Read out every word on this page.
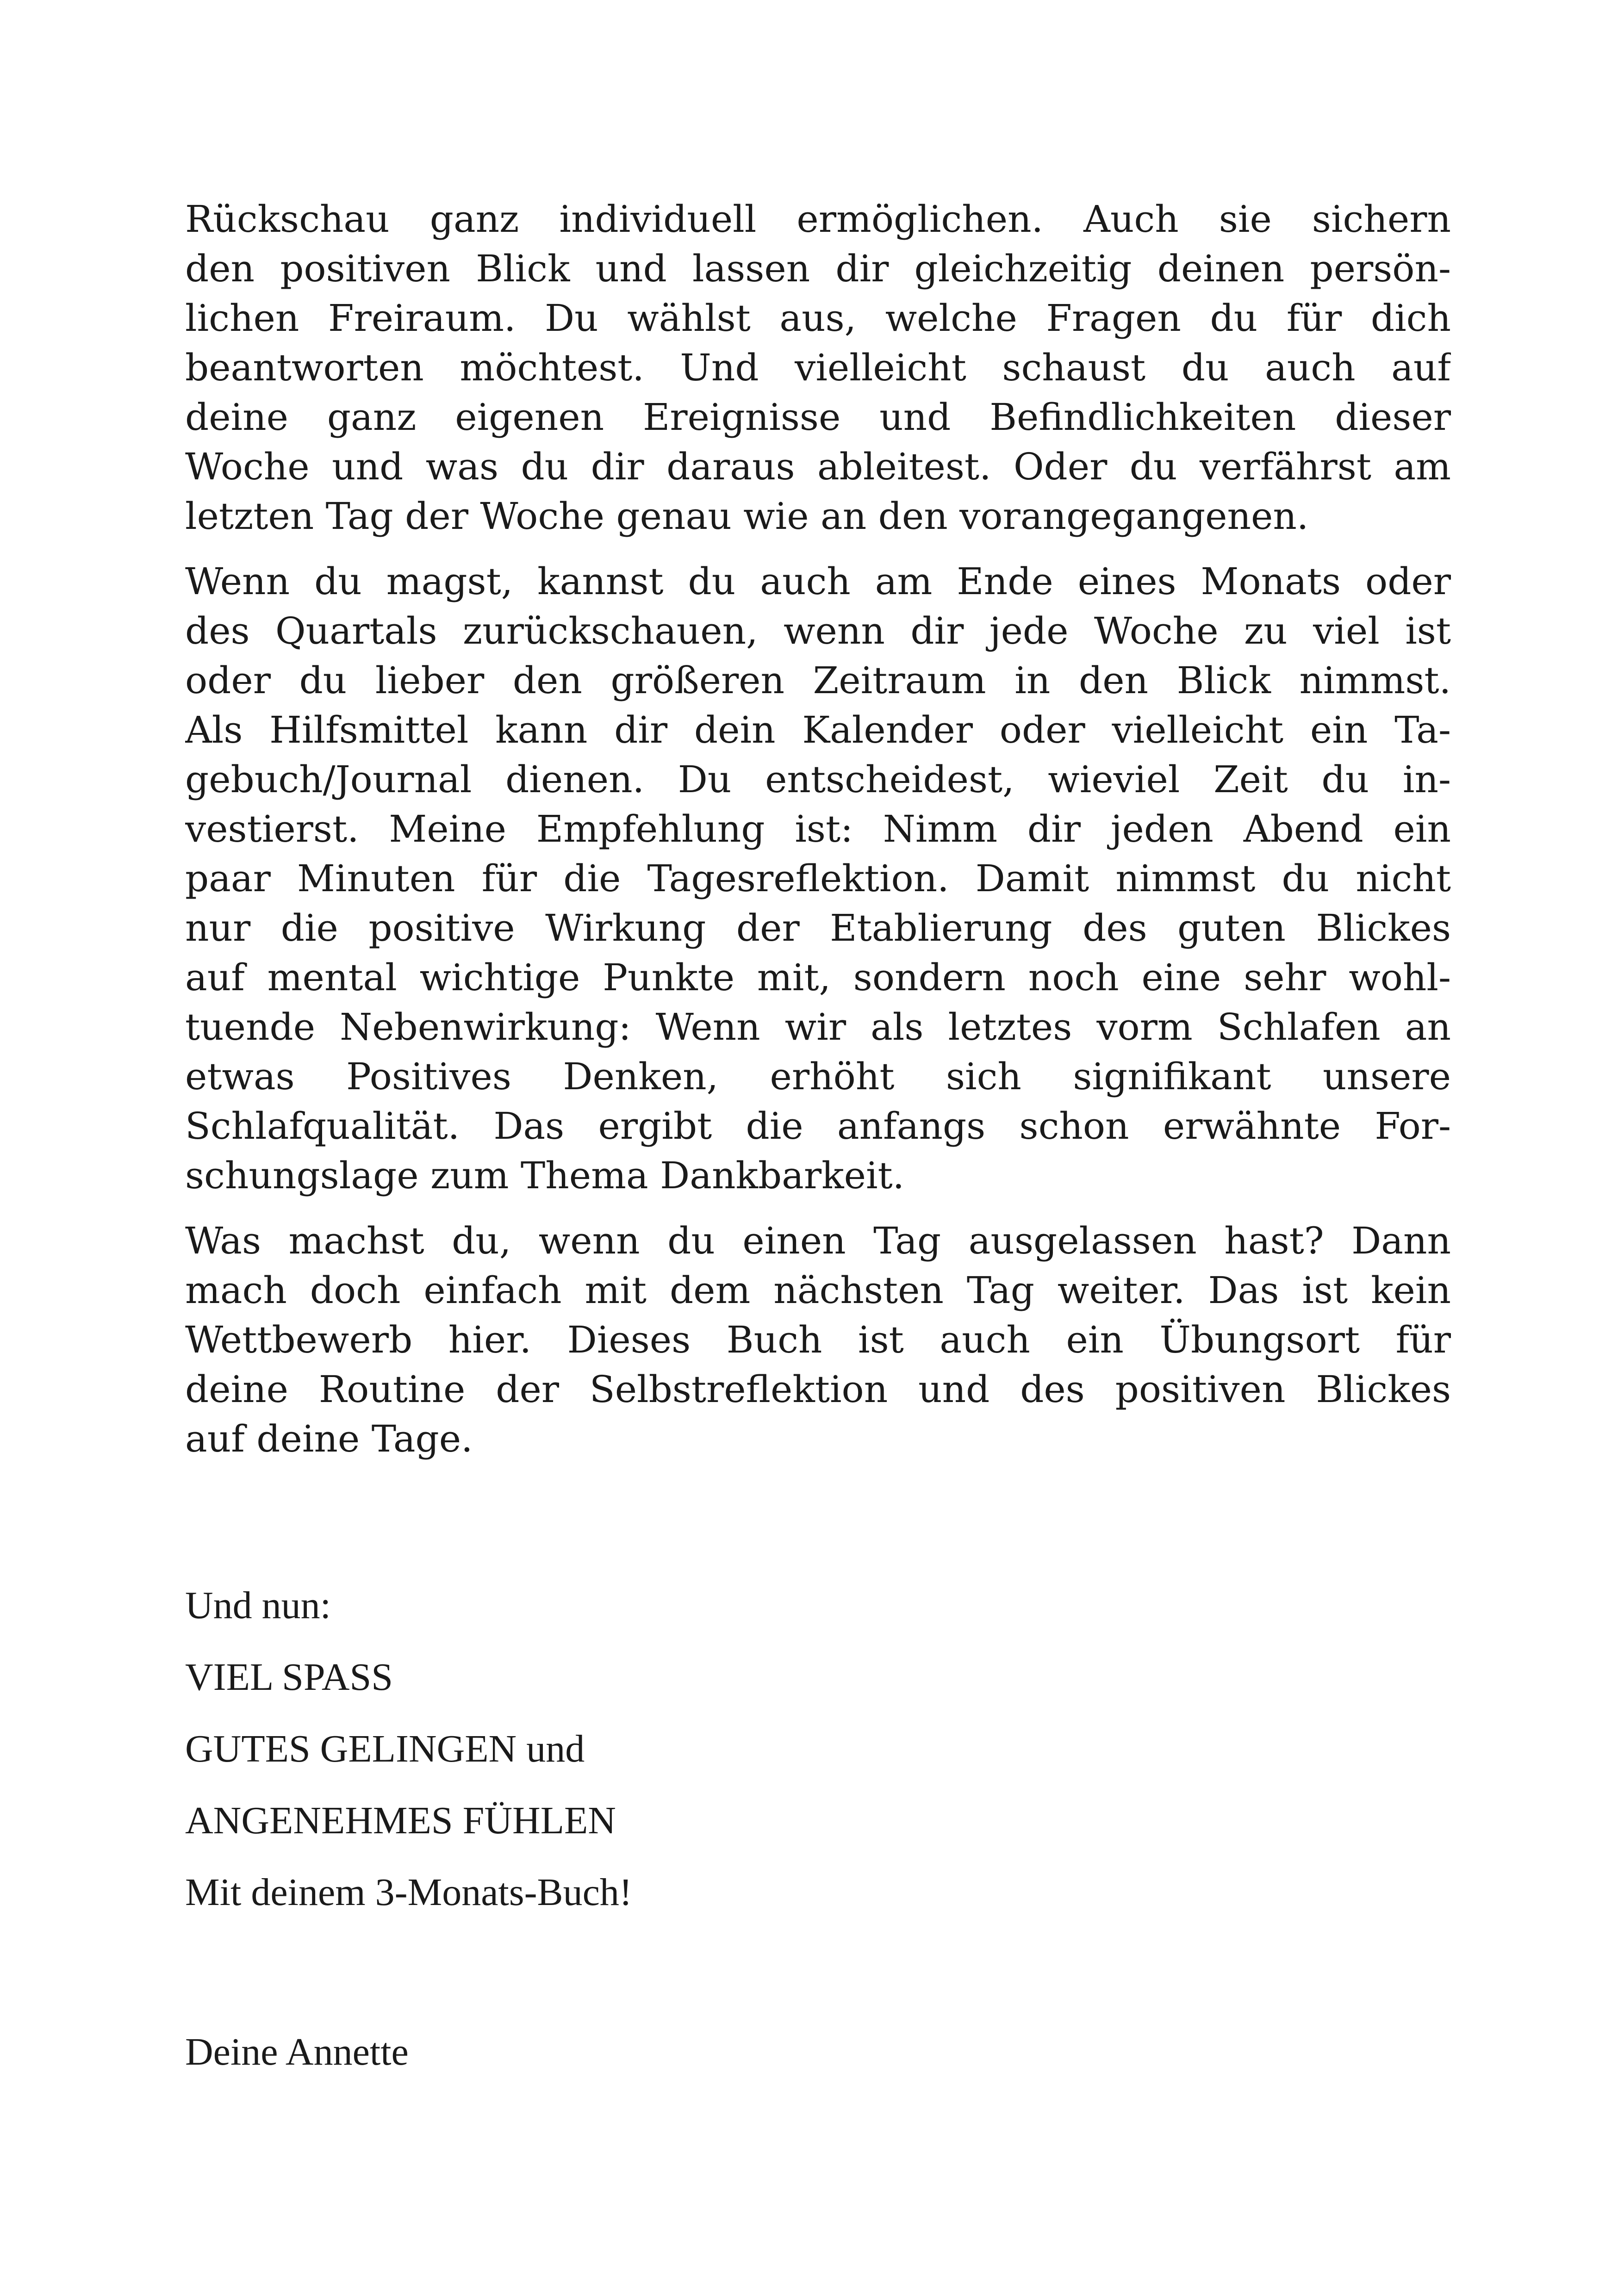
Rückschau ganz individuell ermöglichen. Auch sie sichern
den positiven Blick und lassen dir gleichzeitig deinen persön-
lichen Freiraum. Du wählst aus, welche Fragen du für dich
beantworten möchtest. Und vielleicht schaust du auch auf
deine ganz eigenen Ereignisse und Befindlichkeiten dieser
Woche und was du dir daraus ableitest. Oder du verfährst am
letzten Tag der Woche genau wie an den vorangegangenen.
Wenn du magst, kannst du auch am Ende eines Monats oder
des Quartals zurückschauen, wenn dir jede Woche zu viel ist
oder du lieber den größeren Zeitraum in den Blick nimmst.
Als Hilfsmittel kann dir dein Kalender oder vielleicht ein Ta-
gebuch/Journal dienen. Du entscheidest, wieviel Zeit du in-
vestierst. Meine Empfehlung ist: Nimm dir jeden Abend ein
paar Minuten für die Tagesreflektion. Damit nimmst du nicht
nur die positive Wirkung der Etablierung des guten Blickes
auf mental wichtige Punkte mit, sondern noch eine sehr wohl-
tuende Nebenwirkung: Wenn wir als letztes vorm Schlafen an
etwas Positives Denken, erhöht sich signifikant unsere
Schlafqualität. Das ergibt die anfangs schon erwähnte For-
schungslage zum Thema Dankbarkeit.
Was machst du, wenn du einen Tag ausgelassen hast? Dann
mach doch einfach mit dem nächsten Tag weiter. Das ist kein
Wettbewerb hier. Dieses Buch ist auch ein Übungsort für
deine Routine der Selbstreflektion und des positiven Blickes
auf deine Tage.

Und nun:

VIEL SPASS

GUTES GELINGEN und

ANGENEHMES FÜHLEN

Mit deinem 3-Monats-Buch!

Deine Annette
